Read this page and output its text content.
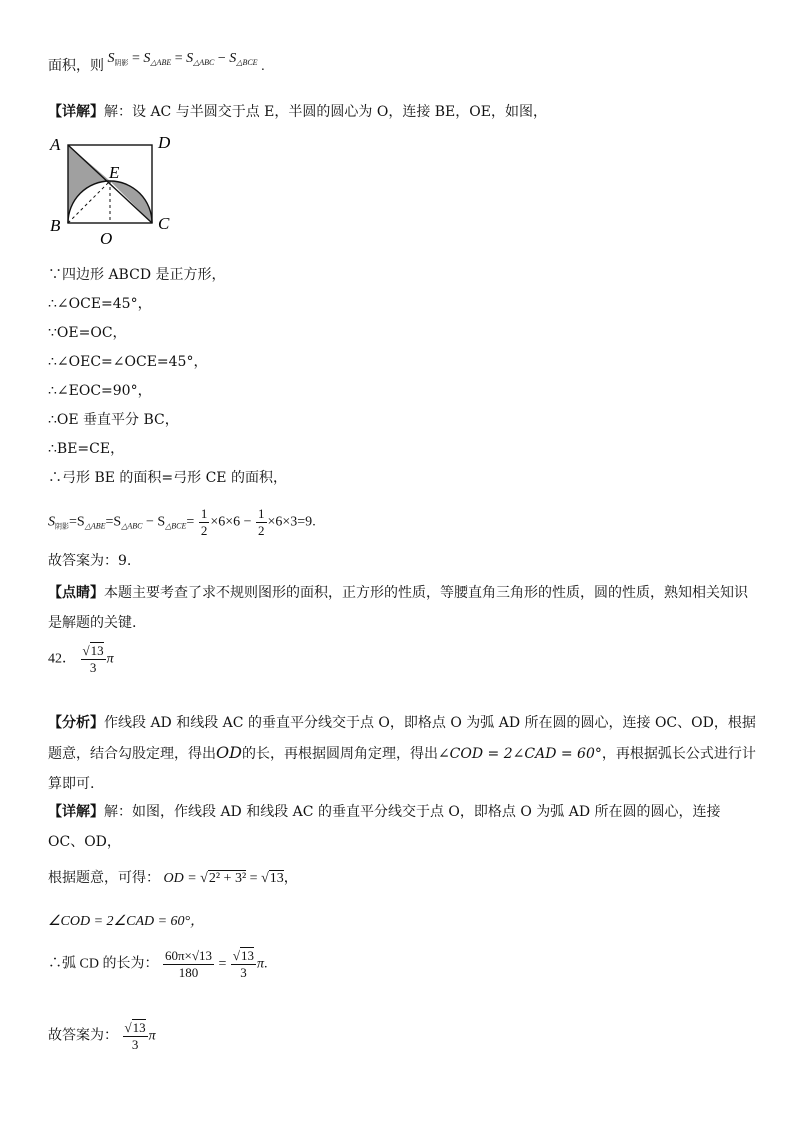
面积，则 $S_{阴影} = S_{\triangle ABE} = S_{\triangle ABC} - S_{\triangle BCE}$ .
【详解】解：设 AC 与半圆交于点 E，半圆的圆心为 O，连接 BE，OE，如图，
A	D
E
B
O
C
∵四边形 ABCD 是正方形，
∴∠OCE=45°，
∵OE=OC，
∴∠OEC=∠OCE=45°，
∴∠EOC=90°，
∴OE 垂直平分 BC，
∴BE=CE，
∴弓形 BE 的面积=弓形 CE 的面积，
$S_{阴影}=S_{\triangle ABE}=S_{\triangle ABC} - S_{\triangle BCE}= \frac{1}{2} \times 6\times 6 - \frac{1}{2} \times 6\times 3=9$.
故答案为：9.
【点睛】本题主要考查了求不规则图形的面积，正方形的性质，等腰直角三角形的性质，圆的性质，熟知相关知识是解题的关键.
42． $\frac{√13}{3}$ π
【分析】作线段 AD 和线段 AC 的垂直平分线交于点 O，即格点 O 为弧 AD 所在圆的圆心，连接 OC、OD，根据题意，结合勾股定理，得出OD的长，再根据圆周角定理，得出∠COD = 2∠CAD = 60°，再根据弧长公式进行计算即可.
【详解】解：如图，作线段 AD 和线段 AC 的垂直平分线交于点 O，即格点 O 为弧 AD 所在圆的圆心，连接 OC、OD，
根据题意，可得： OD = √2² + 3² = √13，
∠COD = 2∠CAD = 60°，
∴弧 CD 的长为： $\frac{60\pi\times√13}{180} = \frac{√13}{3} \pi$.
故答案为： $\frac{√13}{3}$ π
